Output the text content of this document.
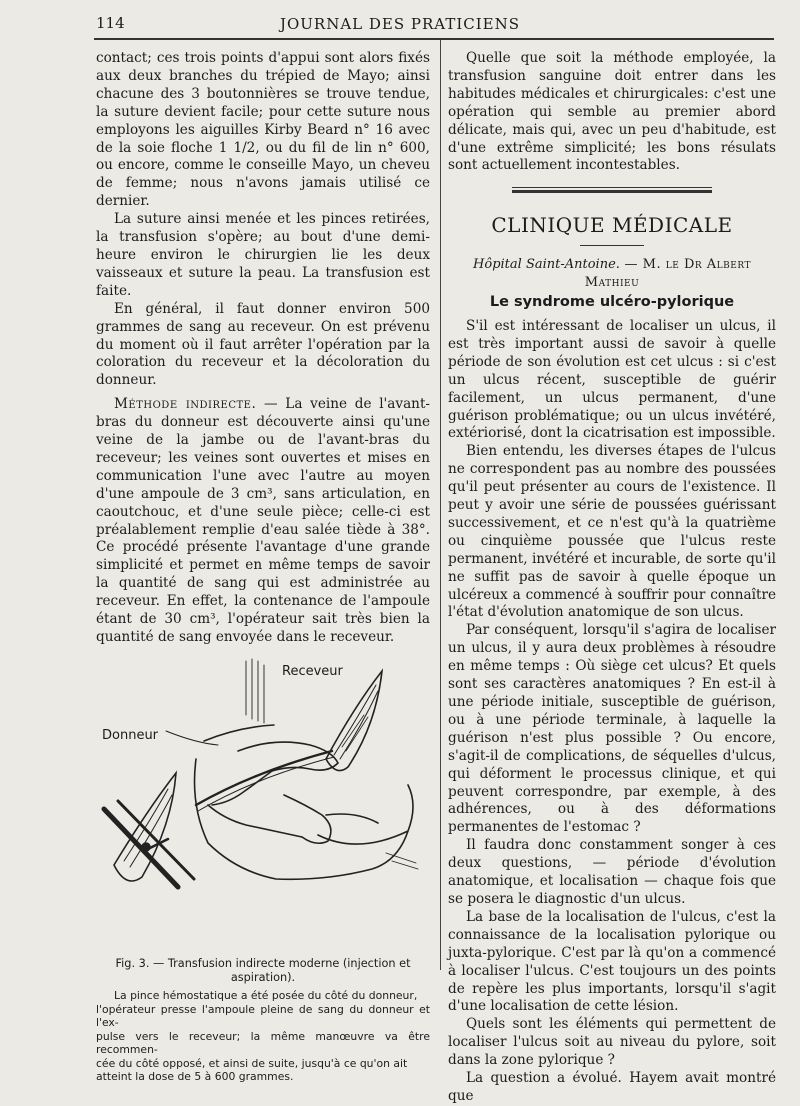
114	JOURNAL DES PRATICIENS

contact; ces trois points d'appui sont alors fixés aux deux branches du trépied de Mayo; ainsi chacune des 3 boutonnières se trouve tendue, la suture devient facile; pour cette suture nous employons les aiguilles Kirby Beard n° 16 avec de la soie floche 1 1/2, ou du fil de lin n° 600, ou encore, comme le conseille Mayo, un cheveu de femme; nous n'avons jamais utilisé ce dernier.

La suture ainsi menée et les pinces retirées, la transfusion s'opère; au bout d'une demi-heure environ le chirurgien lie les deux vaisseaux et suture la peau. La transfusion est faite.

En général, il faut donner environ 500 grammes de sang au receveur. On est prévenu du moment où il faut arrêter l'opération par la coloration du receveur et la décoloration du donneur.

Méthode indirecte. — La veine de l'avant-bras du donneur est découverte ainsi qu'une veine de la jambe ou de l'avant-bras du receveur; les veines sont ouvertes et mises en communication l'une avec l'autre au moyen d'une ampoule de 3 cm³, sans articulation, en caoutchouc, et d'une seule pièce; celle-ci est préalablement remplie d'eau salée tiède à 38°. Ce procédé présente l'avantage d'une grande simplicité et permet en même temps de savoir la quantité de sang qui est administrée au receveur. En effet, la contenance de l'ampoule étant de 30 cm³, l'opérateur sait très bien la quantité de sang envoyée dans le receveur.

Receveur
Donneur
Fig. 3. — Transfusion indirecte moderne (injection et aspiration).
La pince hémostatique a été posée du côté du donneur,
l'opérateur presse l'ampoule pleine de sang du donneur et l'ex-
pulse vers le receveur; la même manœuvre va être recommen-
cée du côté opposé, et ainsi de suite, jusqu'à ce qu'on ait
atteint la dose de 5 à 600 grammes.

Quelle que soit la méthode employée, la transfusion sanguine doit entrer dans les habitudes médicales et chirurgicales: c'est une opération qui semble au premier abord délicate, mais qui, avec un peu d'habitude, est d'une extrême simplicité; les bons résulats sont actuellement incontestables.

CLINIQUE MÉDICALE
Hôpital Saint-Antoine. — M. le Dr Albert Mathieu
Le syndrome ulcéro-pylorique

S'il est intéressant de localiser un ulcus, il est très important aussi de savoir à quelle période de son évolution est cet ulcus : si c'est un ulcus récent, susceptible de guérir facilement, un ulcus permanent, d'une guérison problématique; ou un ulcus invétéré, extériorisé, dont la cicatrisation est impossible.

Bien entendu, les diverses étapes de l'ulcus ne correspondent pas au nombre des poussées qu'il peut présenter au cours de l'existence. Il peut y avoir une série de poussées guérissant successivement, et ce n'est qu'à la quatrième ou cinquième poussée que l'ulcus reste permanent, invétéré et incurable, de sorte qu'il ne suffit pas de savoir à quelle époque un ulcéreux a commencé à souffrir pour connaître l'état d'évolution anatomique de son ulcus.

Par conséquent, lorsqu'il s'agira de localiser un ulcus, il y aura deux problèmes à résoudre en même temps : Où siège cet ulcus? Et quels sont ses caractères anatomiques ? En est-il à une période initiale, susceptible de guérison, ou à une période terminale, à laquelle la guérison n'est plus possible ? Ou encore, s'agit-il de complications, de séquelles d'ulcus, qui déforment le processus clinique, et qui peuvent correspondre, par exemple, à des adhérences, ou à des déformations permanentes de l'estomac ?

Il faudra donc constamment songer à ces deux questions, — période d'évolution anatomique, et localisation — chaque fois que se posera le diagnostic d'un ulcus.

La base de la localisation de l'ulcus, c'est la connaissance de la localisation pylorique ou juxta-pylorique. C'est par là qu'on a commencé à localiser l'ulcus. C'est toujours un des points de repère les plus importants, lorsqu'il s'agit d'une localisation de cette lésion.

Quels sont les éléments qui permettent de localiser l'ulcus soit au niveau du pylore, soit dans la zone pylorique ?

La question a évolué. Hayem avait montré que
